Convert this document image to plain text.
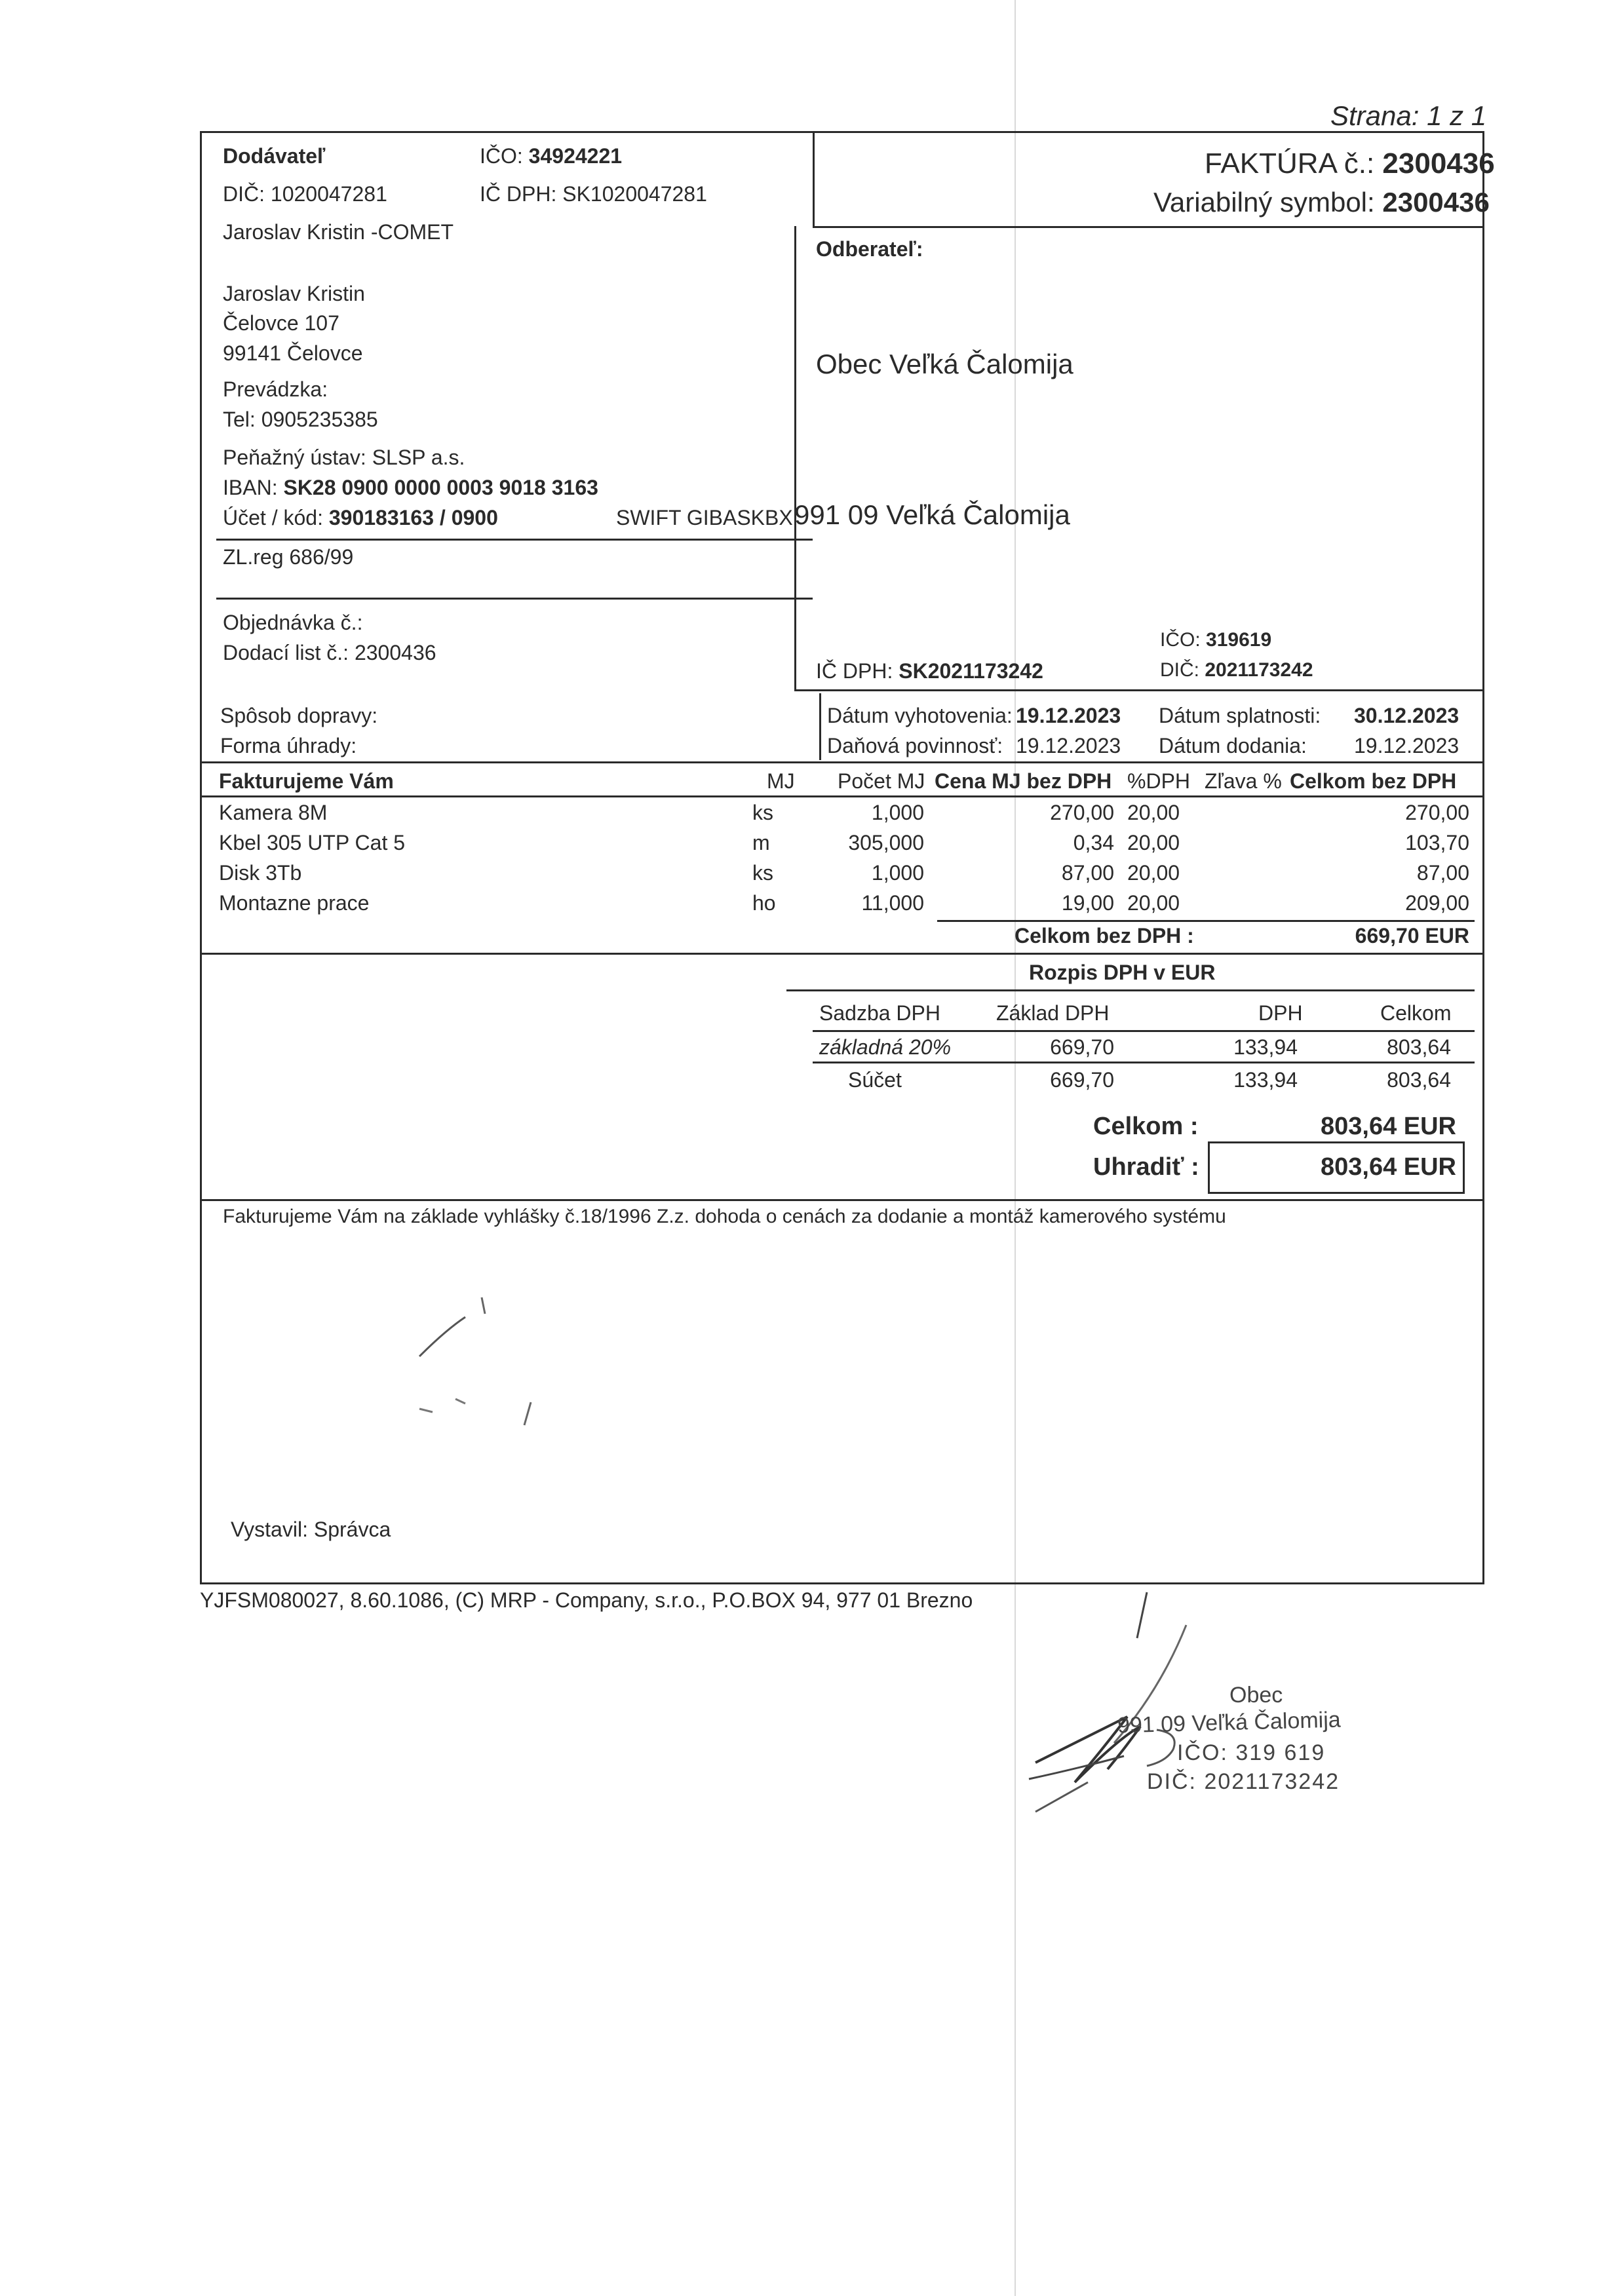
Strana: 1 z 1
FAKTÚRA č.: 2300436
Variabilný symbol: 2300436
Dodávateľ	IČO: 34924221
DIČ: 1020047281	IČ DPH: SK1020047281
Jaroslav Kristin -COMET
Jaroslav Kristin
Čelovce 107
99141 Čelovce
Prevádzka:
Tel: 0905235385
Peňažný ústav: SLSP a.s.
IBAN: SK28 0900 0000 0003 9018 3163
Účet / kód: 390183163 / 0900	SWIFT GIBASKBX
ZL.reg 686/99
Objednávka č.:
Dodací list č.: 2300436
Odberateľ:
Obec Veľká Čalomija
991 09 Veľká Čalomija
IČO: 319619
IČ DPH: SK2021173242	DIČ: 2021173242
Spôsob dopravy:
Forma úhrady:
Dátum vyhotovenia: 19.12.2023 Dátum splatnosti: 30.12.2023
Daňová povinnosť: 19.12.2023 Dátum dodania: 19.12.2023
Fakturujeme Vám	MJ Počet MJ Cena MJ bez DPH %DPH Zľava % Celkom bez DPH
Kamera 8M	ks	1,000	270,00 20,00	270,00
Kbel 305 UTP Cat 5	m	305,000	0,34 20,00	103,70
Disk 3Tb	ks	1,000	87,00 20,00	87,00
Montazne prace	ho	11,000	19,00 20,00	209,00
Celkom bez DPH :	669,70 EUR
Rozpis DPH v EUR
Sadzba DPH	Základ DPH	DPH	Celkom
základná 20%	669,70	133,94	803,64
Súčet	669,70	133,94	803,64
Celkom :	803,64 EUR
Uhradiť :	803,64 EUR
Fakturujeme Vám na základe vyhlášky č.18/1996 Z.z. dohoda o cenách za dodanie a montáž kamerového systému
Vystavil: Správca
YJFSM080027, 8.60.1086, (C) MRP - Company, s.r.o., P.O.BOX 94, 977 01 Brezno
Obec
991 09 Veľká Čalomija
IČO: 319 619
DIČ: 2021173242
